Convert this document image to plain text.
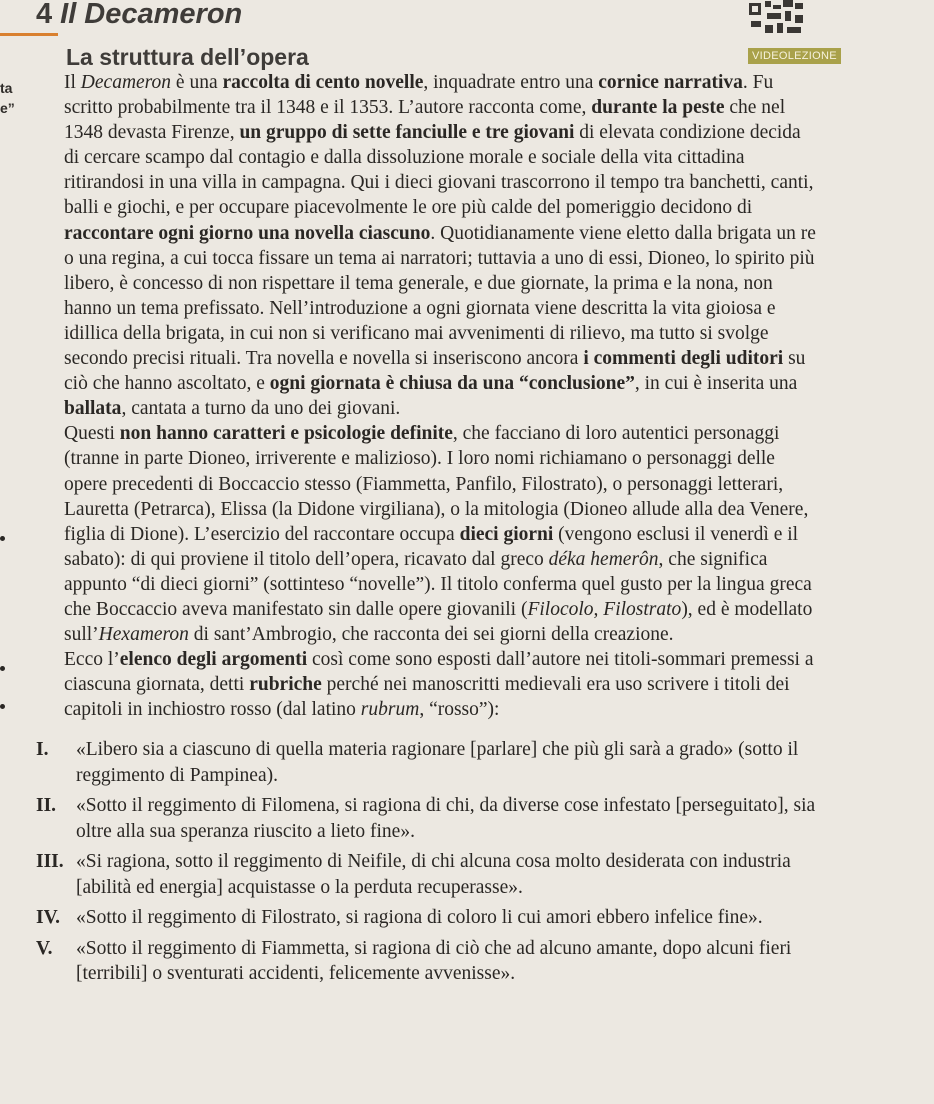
4 Il Decameron
La struttura dell’opera	VIDEOLEZIONE
ta
e”

Il Decameron è una raccolta di cento novelle, inquadrate entro una cornice narrativa. Fu

scritto probabilmente tra il 1348 e il 1353. L’autore racconta come, durante la peste che nel 1348 devasta Firenze, un gruppo di sette fanciulle e tre giovani di elevata condizione decida di cercare scampo dal contagio e dalla dissoluzione morale e sociale della vita cittadina ritirandosi in una villa in campagna. Qui i dieci giovani trascorrono il tempo tra banchetti, canti, balli e giochi, e per occupare piacevolmente le ore più calde del pomeriggio decidono di raccontare ogni giorno una novella ciascuno. Quotidianamente viene eletto dalla brigata un re o una regina, a cui tocca fissare un tema ai narratori; tuttavia a uno di essi, Dioneo, lo spirito più libero, è concesso di non rispettare il tema generale, e due giornate, la prima e la nona, non hanno un tema prefissato. Nell’introduzione a ogni giornata viene descritta la vita gioiosa e idillica della brigata, in cui non si verificano mai avvenimenti di rilievo, ma tutto si svolge secondo precisi rituali. Tra novella e novella si inseriscono ancora i commenti degli uditori su ciò che hanno ascoltato, e ogni giornata è chiusa da una “conclusione”, in cui è inserita una ballata, cantata a turno da uno dei giovani.

Questi non hanno caratteri e psicologie definite, che facciano di loro autentici personaggi (tranne in parte Dioneo, irriverente e malizioso). I loro nomi richiamano o personaggi delle opere precedenti di Boccaccio stesso (Fiammetta, Panfilo, Filostrato), o personaggi letterari, Lauretta (Petrarca), Elissa (la Didone virgiliana), o la mitologia (Dioneo allude alla dea Venere, figlia di Dione). L’esercizio del raccontare occupa dieci giorni (vengono esclusi il venerdì e il sabato): di qui proviene il titolo dell’opera, ricavato dal greco déka hemerôn, che significa appunto “di dieci giorni” (sottinteso “novelle”). Il titolo conferma quel gusto per la lingua greca che Boccaccio aveva manifestato sin dalle opere giovanili (Filocolo, Filostrato), ed è modellato sull’Hexameron di sant’Ambrogio, che racconta dei sei giorni della creazione.

Ecco l’elenco degli argomenti così come sono esposti dall’autore nei titoli-sommari premessi a ciascuna giornata, detti rubriche perché nei manoscritti medievali era uso scrivere i titoli dei capitoli in inchiostro rosso (dal latino rubrum, “rosso”):

I. «Libero sia a ciascuno di quella materia ragionare [parlare] che più gli sarà a grado» (sotto il reggimento di Pampinea).
II. «Sotto il reggimento di Filomena, si ragiona di chi, da diverse cose infestato [perseguitato], sia oltre alla sua speranza riuscito a lieto fine».
III. «Si ragiona, sotto il reggimento di Neifile, di chi alcuna cosa molto desiderata con industria [abilità ed energia] acquistasse o la perduta recuperasse».
IV. «Sotto il reggimento di Filostrato, si ragiona di coloro li cui amori ebbero infelice fine».
V. «Sotto il reggimento di Fiammetta, si ragiona di ciò che ad alcuno amante, dopo alcuni fieri [terribili] o sventurati accidenti, felicemente avvenisse».
